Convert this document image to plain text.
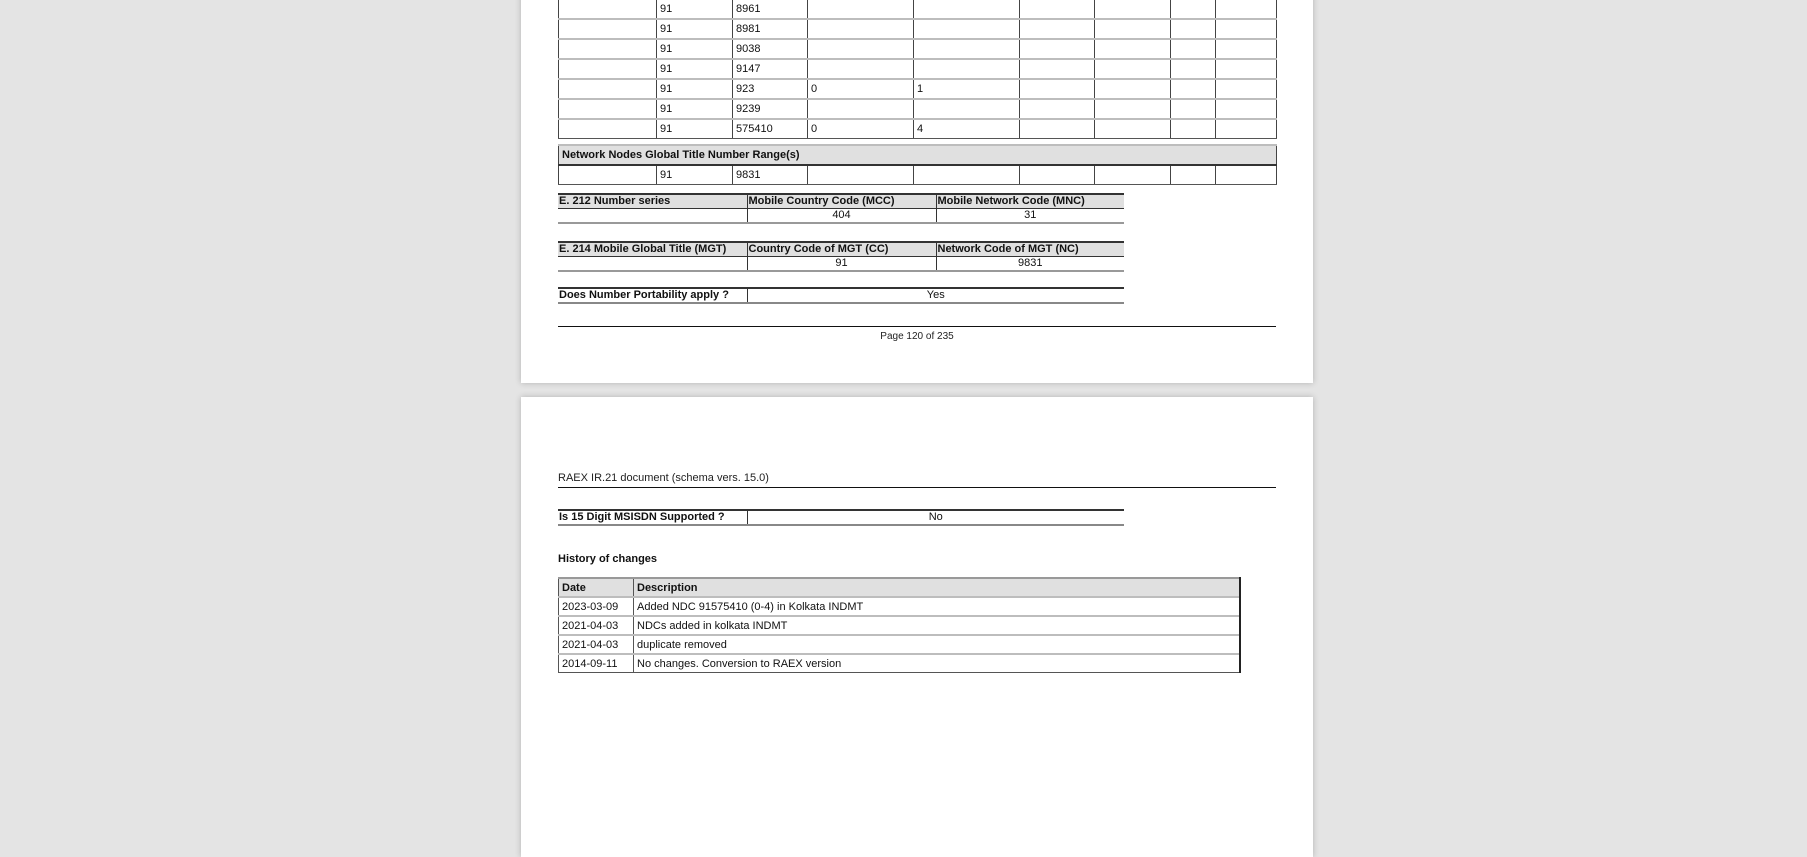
	91	8961						
	91	8981						
	91	9038						
	91	9147						
	91	923	0	1				
	91	9239						
	91	575410	0	4				

Network Nodes Global Title Number Range(s)								
	91	9831						
E. 212 Number series	Mobile Country Code (MCC)	Mobile Network Code (MNC)
	404	31
E. 214 Mobile Global Title (MGT)	Country Code of MGT (CC)	Network Code of MGT (NC)
	91	9831
Does Number Portability apply ?	Yes
Page 120 of 235
RAEX IR.21 document (schema vers. 15.0)
Is 15 Digit MSISDN Supported ?	No
History of changes
Date	Description
2023-03-09	Added NDC 91575410 (0-4) in Kolkata INDMT
2021-04-03	NDCs added in kolkata INDMT
2021-04-03	duplicate removed
2014-09-11	No changes. Conversion to RAEX version
